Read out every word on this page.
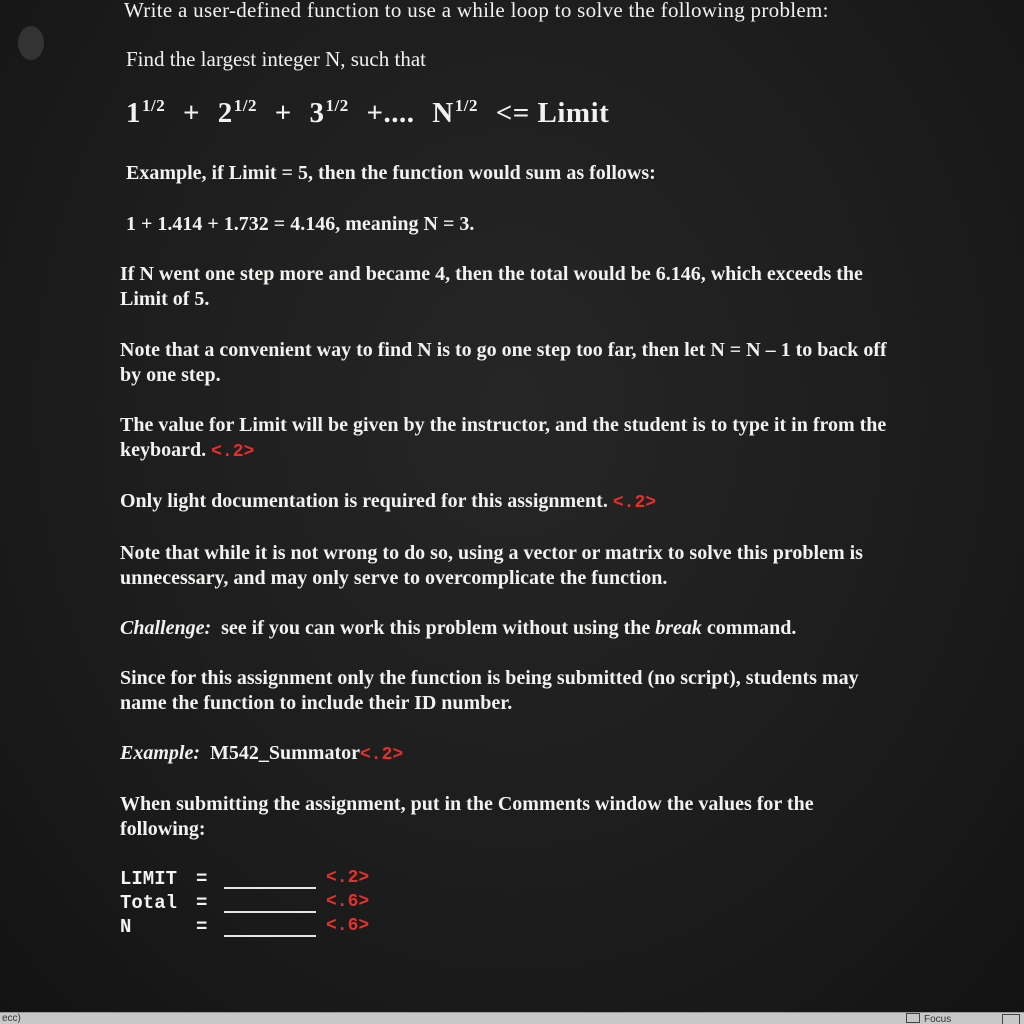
Write a user-defined function to use a while loop to solve the following problem:
Find the largest integer N, such that
$1^{1/2} + 2^{1/2} + 3^{1/2}$ +.... $N^{1/2}$ <= Limit
Example, if Limit = 5, then the function would sum as follows:
1 + 1.414 + 1.732 = 4.146, meaning N = 3.
If N went one step more and became 4, then the total would be 6.146, which exceeds the Limit of 5.
Note that a convenient way to find N is to go one step too far, then let N = N – 1 to back off by one step.
The value for Limit will be given by the instructor, and the student is to type it in from the keyboard. <.2>
Only light documentation is required for this assignment. <.2>
Note that while it is not wrong to do so, using a vector or matrix to solve this problem is unnecessary, and may only serve to overcomplicate the function.
Challenge: see if you can work this problem without using the break command.
Since for this assignment only the function is being submitted (no script), students may name the function to include their ID number.
Example: M542_Summator<.2>
When submitting the assignment, put in the Comments window the values for the following:
LIMIT =	<.2>
Total =	<.6>
N	=	<.6>
ecc)	Focus
